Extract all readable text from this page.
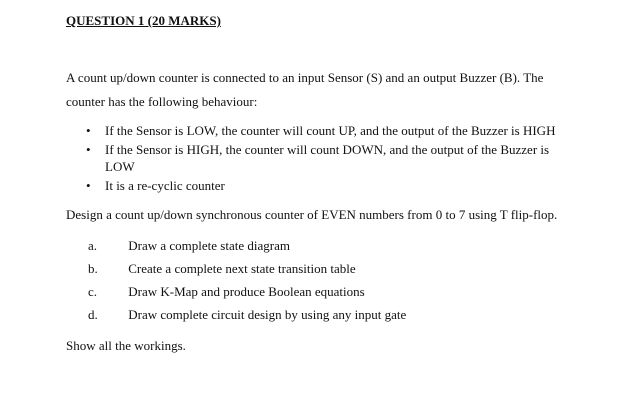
QUESTION 1 (20 MARKS)
A count up/down counter is connected to an input Sensor (S) and an output Buzzer (B). The
counter has the following behaviour:
• If the Sensor is LOW, the counter will count UP, and the output of the Buzzer is HIGH
• If the Sensor is HIGH, the counter will count DOWN, and the output of the Buzzer is LOW
• It is a re-cyclic counter
Design a count up/down synchronous counter of EVEN numbers from 0 to 7 using T flip-flop.
a. Draw a complete state diagram
b. Create a complete next state transition table
c. Draw K-Map and produce Boolean equations
d. Draw complete circuit design by using any input gate
Show all the workings.
